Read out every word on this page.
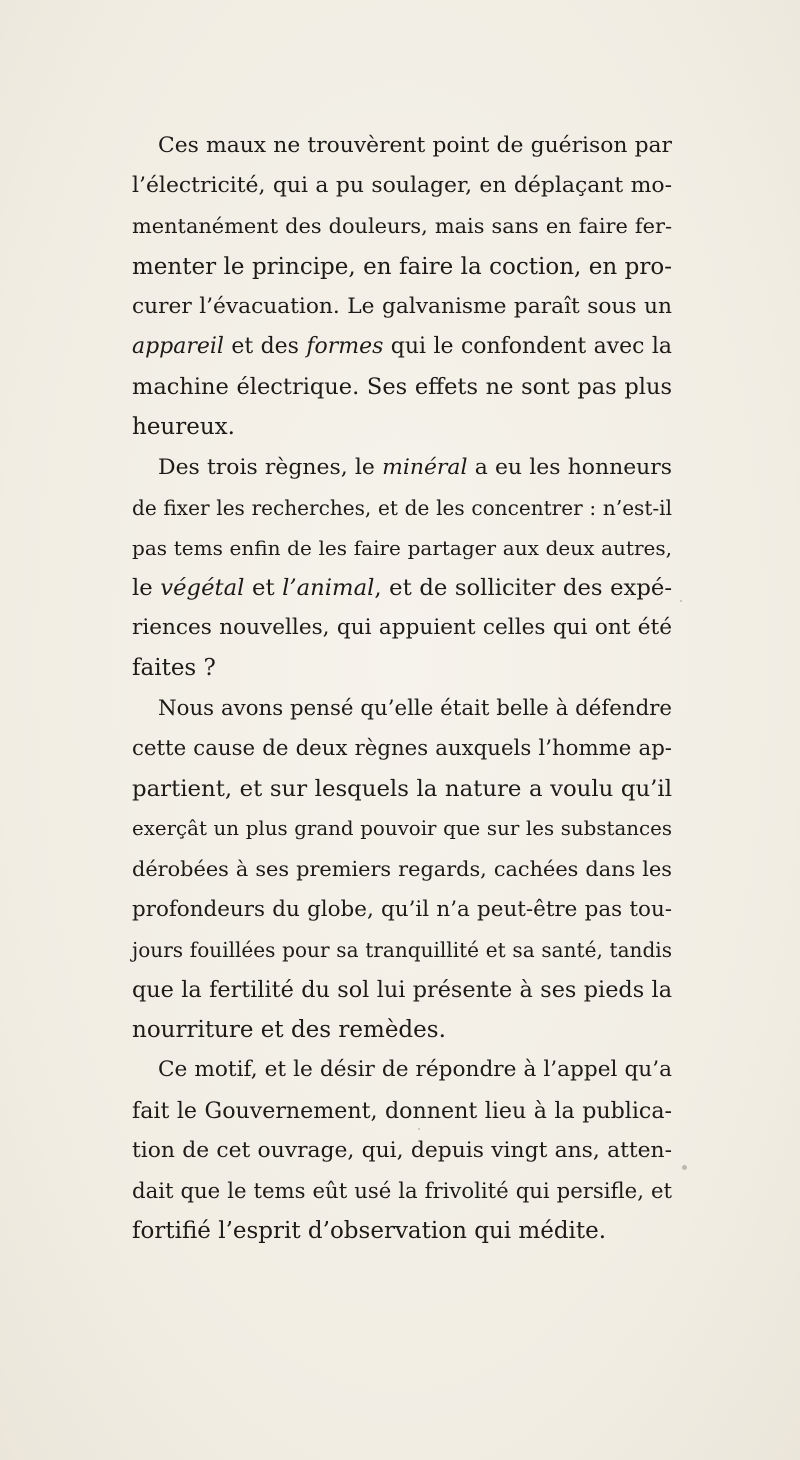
Ces maux ne trouvèrent point de guérison par
l’électricité, qui a pu soulager, en déplaçant mo-
mentanément des douleurs, mais sans en faire fer-
menter le principe, en faire la coction, en pro-
curer l’évacuation. Le galvanisme paraît sous un
appareil et des formes qui le confondent avec la
machine électrique. Ses effets ne sont pas plus
heureux.
Des trois règnes, le minéral a eu les honneurs
de fixer les recherches, et de les concentrer : n’est-il
pas tems enfin de les faire partager aux deux autres,
le végétal et l’animal, et de solliciter des expé-
riences nouvelles, qui appuient celles qui ont été
faites ?
Nous avons pensé qu’elle était belle à défendre
cette cause de deux règnes auxquels l’homme ap-
partient, et sur lesquels la nature a voulu qu’il
exerçât un plus grand pouvoir que sur les substances
dérobées à ses premiers regards, cachées dans les
profondeurs du globe, qu’il n’a peut-être pas tou-
jours fouillées pour sa tranquillité et sa santé, tandis
que la fertilité du sol lui présente à ses pieds la
nourriture et des remèdes.
Ce motif, et le désir de répondre à l’appel qu’a
fait le Gouvernement, donnent lieu à la publica-
tion de cet ouvrage, qui, depuis vingt ans, atten-
dait que le tems eût usé la frivolité qui persifle, et
fortifié l’esprit d’observation qui médite.
